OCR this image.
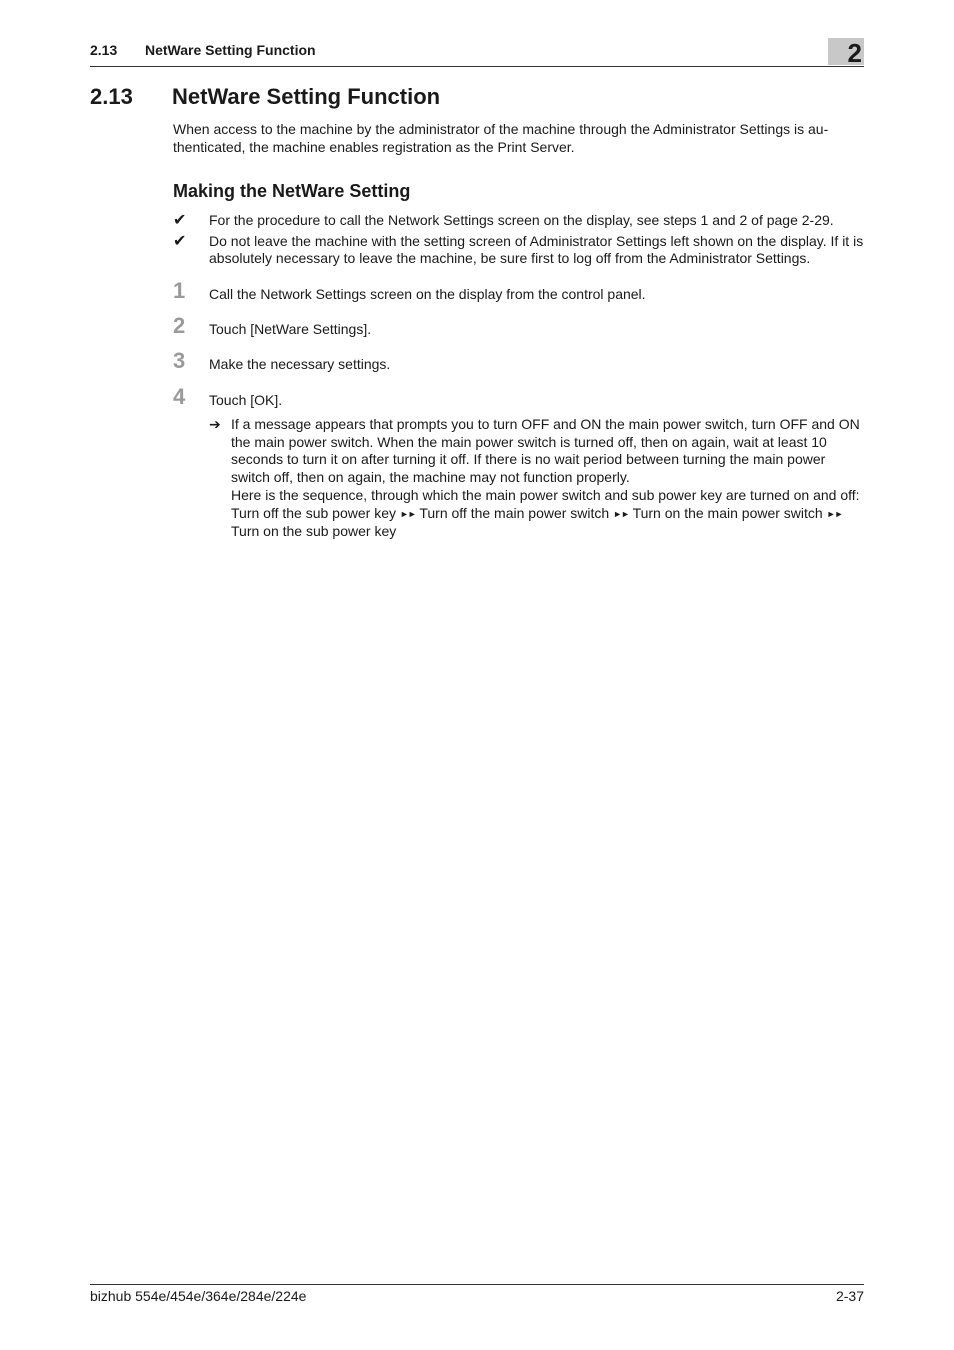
2.13 NetWare Setting Function	2
2.13 NetWare Setting Function
When access to the machine by the administrator of the machine through the Administrator Settings is au-thenticated, the machine enables registration as the Print Server.
Making the NetWare Setting
✔ For the procedure to call the Network Settings screen on the display, see steps 1 and 2 of page 2-29.
✔ Do not leave the machine with the setting screen of Administrator Settings left shown on the display. If it is absolutely necessary to leave the machine, be sure first to log off from the Administrator Settings.
1 Call the Network Settings screen on the display from the control panel.
2 Touch [NetWare Settings].
3 Make the necessary settings.
4 Touch [OK].
➔ If a message appears that prompts you to turn OFF and ON the main power switch, turn OFF and ON the main power switch. When the main power switch is turned off, then on again, wait at least 10 seconds to turn it on after turning it off. If there is no wait period between turning the main power switch off, then on again, the machine may not function properly.
Here is the sequence, through which the main power switch and sub power key are turned on and off:
Turn off the sub power key ►► Turn off the main power switch ►► Turn on the main power switch ►► Turn on the sub power key
bizhub 554e/454e/364e/284e/224e	2-37
